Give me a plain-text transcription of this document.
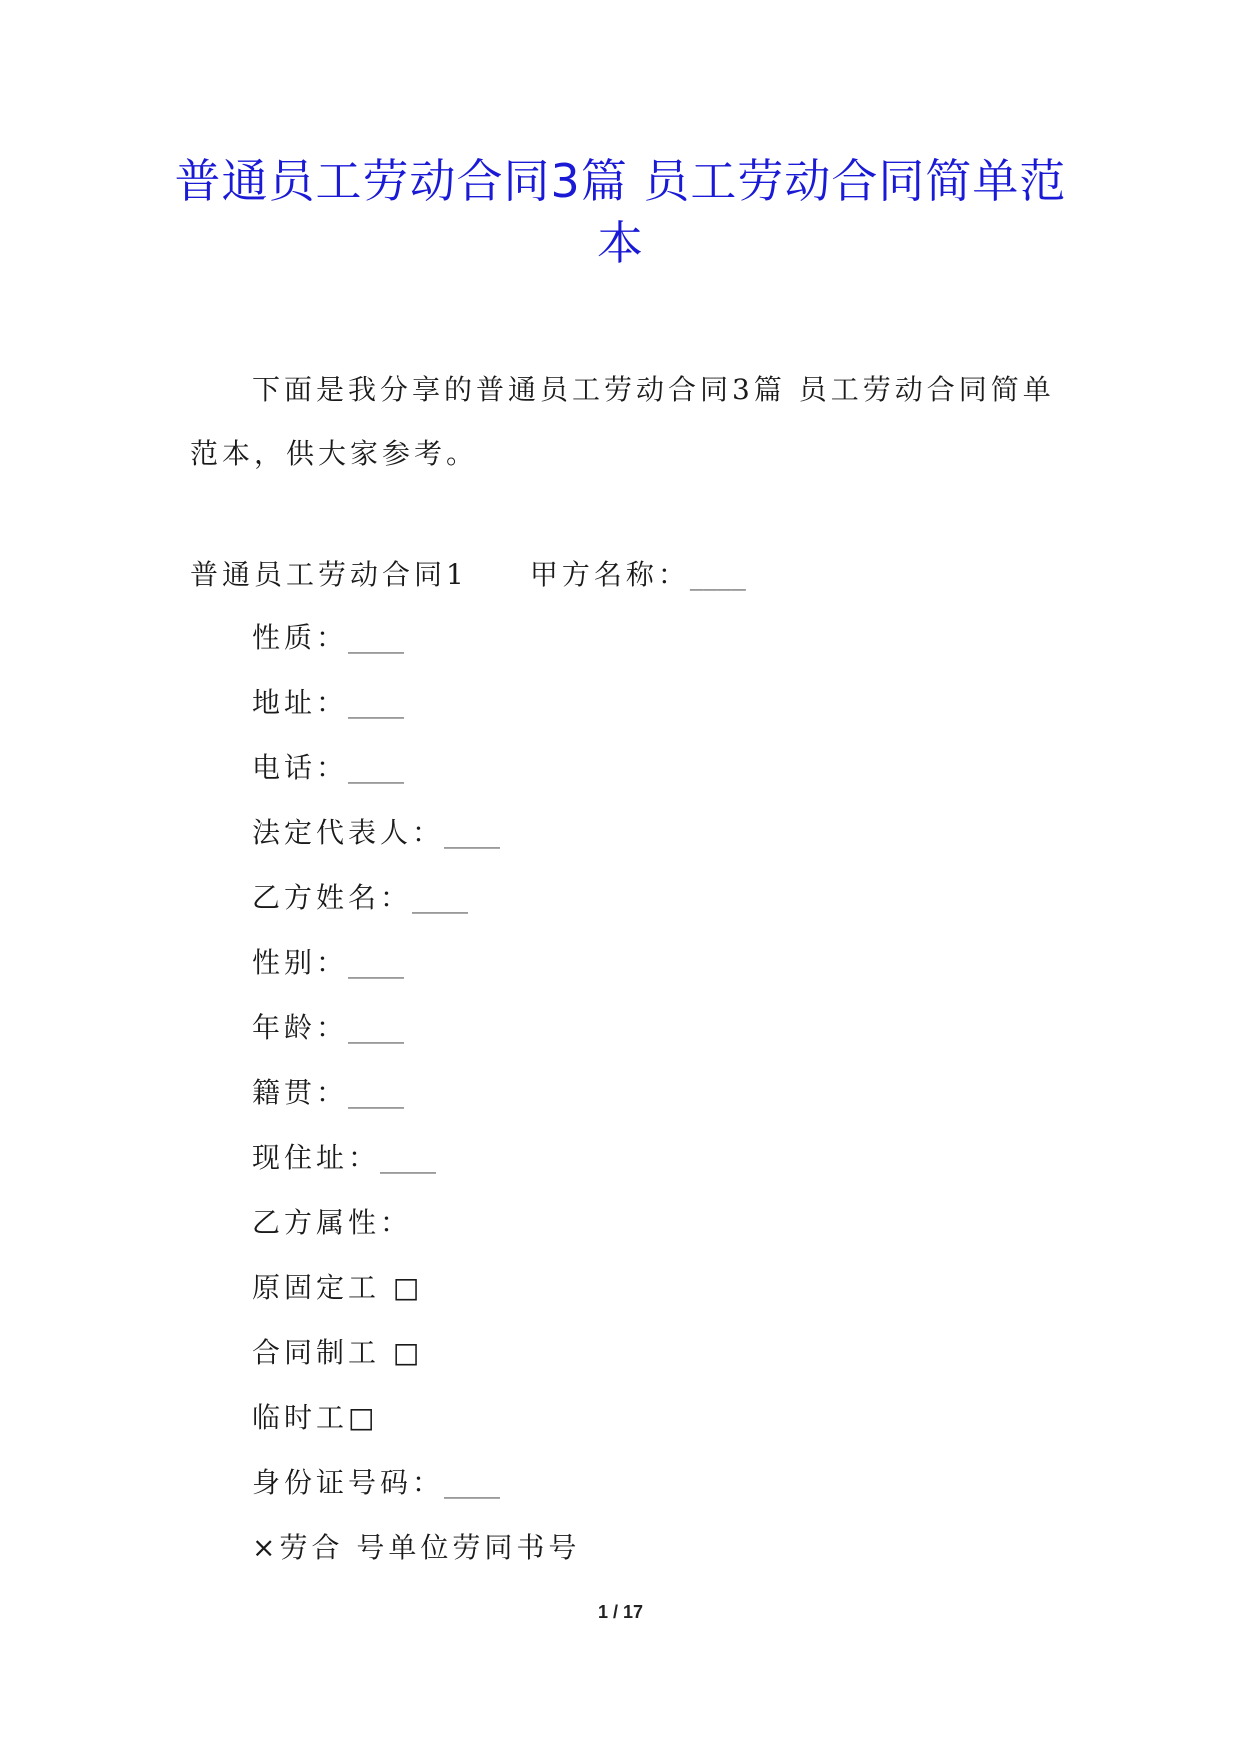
普通员工劳动合同3篇 员工劳动合同简单范本

下面是我分享的普通员工劳动合同3篇 员工劳动合同简单范本，供大家参考。

普通员工劳动合同1 甲方名称：____
性质：____
地址：____
电话：____
法定代表人：____
乙方姓名：____
性别：____
年龄：____
籍贯：____
现住址：____
乙方属性：
原固定工 □
合同制工 □
临时工□
身份证号码：____
×劳合 号单位劳同书号
1 / 17
